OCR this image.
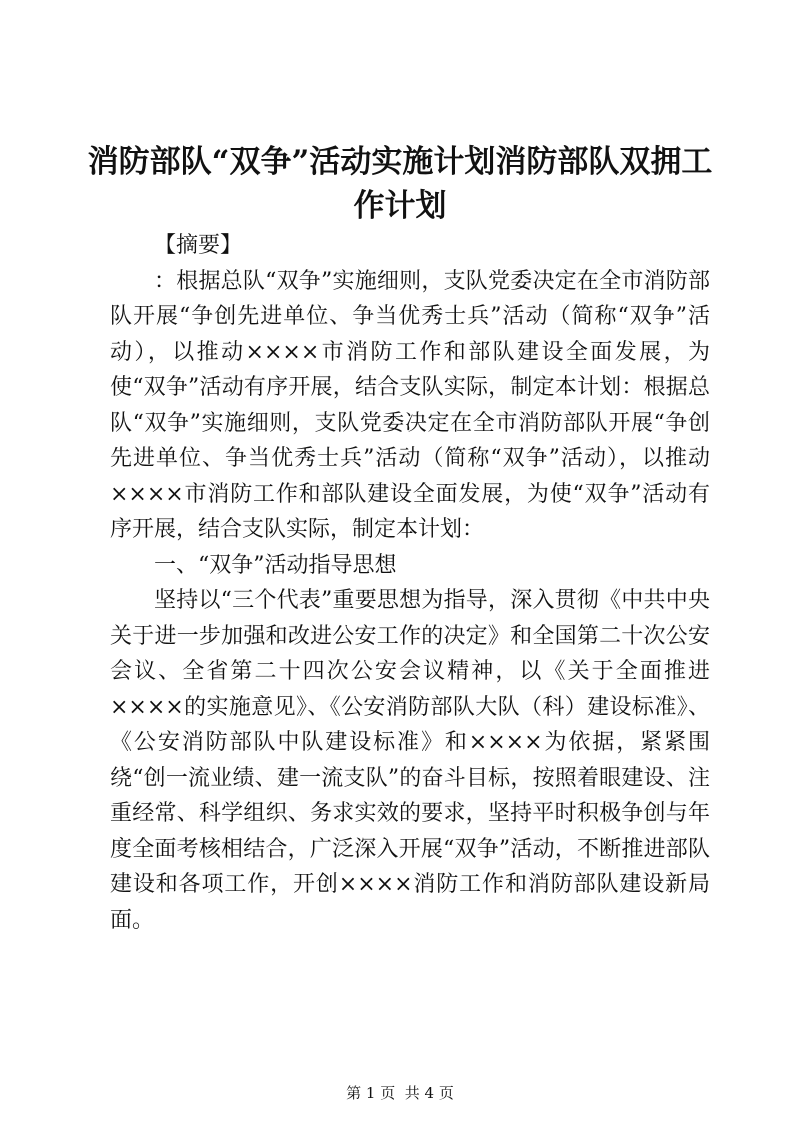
消防部队“双争”活动实施计划消防部队双拥工作计划

【摘要】

：根据总队“双争”实施细则，支队党委决定在全市消防部队开展“争创先进单位、争当优秀士兵”活动（简称“双争”活动），以推动××××市消防工作和部队建设全面发展，为使“双争”活动有序开展，结合支队实际，制定本计划：根据总队“双争”实施细则，支队党委决定在全市消防部队开展“争创先进单位、争当优秀士兵”活动（简称“双争”活动），以推动××××市消防工作和部队建设全面发展，为使“双争”活动有序开展，结合支队实际，制定本计划：

一、“双争”活动指导思想

坚持以“三个代表”重要思想为指导，深入贯彻《中共中央关于进一步加强和改进公安工作的决定》和全国第二十次公安会议、全省第二十四次公安会议精神，以《关于全面推进××××的实施意见》、《公安消防部队大队（科）建设标准》、《公安消防部队中队建设标准》和××××为依据，紧紧围绕“创一流业绩、建一流支队”的奋斗目标，按照着眼建设、注重经常、科学组织、务求实效的要求，坚持平时积极争创与年度全面考核相结合，广泛深入开展“双争”活动，不断推进部队建设和各项工作，开创××××消防工作和消防部队建设新局面。

第 1 页  共 4 页
